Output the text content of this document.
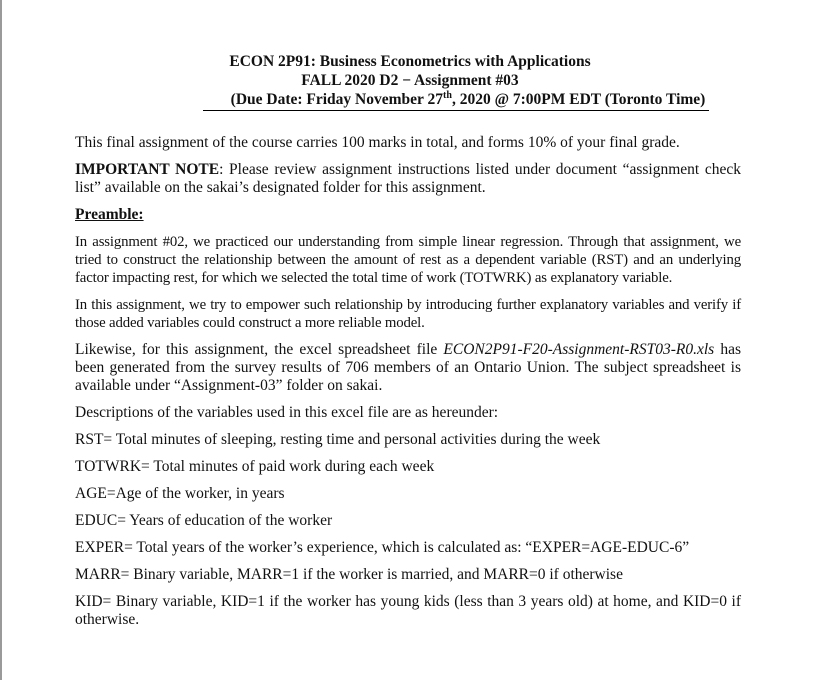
ECON 2P91: Business Econometrics with Applications
FALL 2020 D2 − Assignment #03
(Due Date: Friday November 27th, 2020 @ 7:00PM EDT (Toronto Time)

This final assignment of the course carries 100 marks in total, and forms 10% of your final grade.

IMPORTANT NOTE: Please review assignment instructions listed under document “assignment check list” available on the sakai’s designated folder for this assignment.

Preamble:

In assignment #02, we practiced our understanding from simple linear regression. Through that assignment, we tried to construct the relationship between the amount of rest as a dependent variable (RST) and an underlying factor impacting rest, for which we selected the total time of work (TOTWRK) as explanatory variable.

In this assignment, we try to empower such relationship by introducing further explanatory variables and verify if those added variables could construct a more reliable model.

Likewise, for this assignment, the excel spreadsheet file ECON2P91-F20-Assignment-RST03-R0.xls has been generated from the survey results of 706 members of an Ontario Union. The subject spreadsheet is available under “Assignment-03” folder on sakai.

Descriptions of the variables used in this excel file are as hereunder:

RST= Total minutes of sleeping, resting time and personal activities during the week

TOTWRK= Total minutes of paid work during each week

AGE=Age of the worker, in years

EDUC= Years of education of the worker

EXPER= Total years of the worker’s experience, which is calculated as: “EXPER=AGE-EDUC-6”

MARR= Binary variable, MARR=1 if the worker is married, and MARR=0 if otherwise

KID= Binary variable, KID=1 if the worker has young kids (less than 3 years old) at home, and KID=0 if otherwise.
